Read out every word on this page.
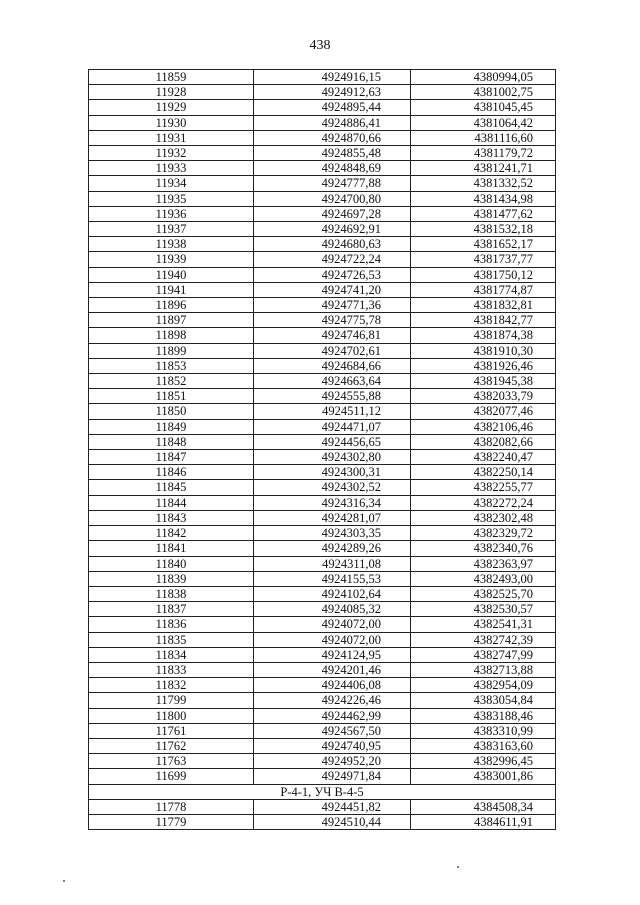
438
11859	4924916,15	4380994,05
11928	4924912,63	4381002,75
11929	4924895,44	4381045,45
11930	4924886,41	4381064,42
11931	4924870,66	4381116,60
11932	4924855,48	4381179,72
11933	4924848,69	4381241,71
11934	4924777,88	4381332,52
11935	4924700,80	4381434,98
11936	4924697,28	4381477,62
11937	4924692,91	4381532,18
11938	4924680,63	4381652,17
11939	4924722,24	4381737,77
11940	4924726,53	4381750,12
11941	4924741,20	4381774,87
11896	4924771,36	4381832,81
11897	4924775,78	4381842,77
11898	4924746,81	4381874,38
11899	4924702,61	4381910,30
11853	4924684,66	4381926,46
11852	4924663,64	4381945,38
11851	4924555,88	4382033,79
11850	4924511,12	4382077,46
11849	4924471,07	4382106,46
11848	4924456,65	4382082,66
11847	4924302,80	4382240,47
11846	4924300,31	4382250,14
11845	4924302,52	4382255,77
11844	4924316,34	4382272,24
11843	4924281,07	4382302,48
11842	4924303,35	4382329,72
11841	4924289,26	4382340,76
11840	4924311,08	4382363,97
11839	4924155,53	4382493,00
11838	4924102,64	4382525,70
11837	4924085,32	4382530,57
11836	4924072,00	4382541,31
11835	4924072,00	4382742,39
11834	4924124,95	4382747,99
11833	4924201,46	4382713,88
11832	4924406,08	4382954,09
11799	4924226,46	4383054,84
11800	4924462,99	4383188,46
11761	4924567,50	4383310,99
11762	4924740,95	4383163,60
11763	4924952,20	4382996,45
11699	4924971,84	4383001,86
Р-4-1, УЧ В-4-5		
11778	4924451,82	4384508,34
11779	4924510,44	4384611,91
